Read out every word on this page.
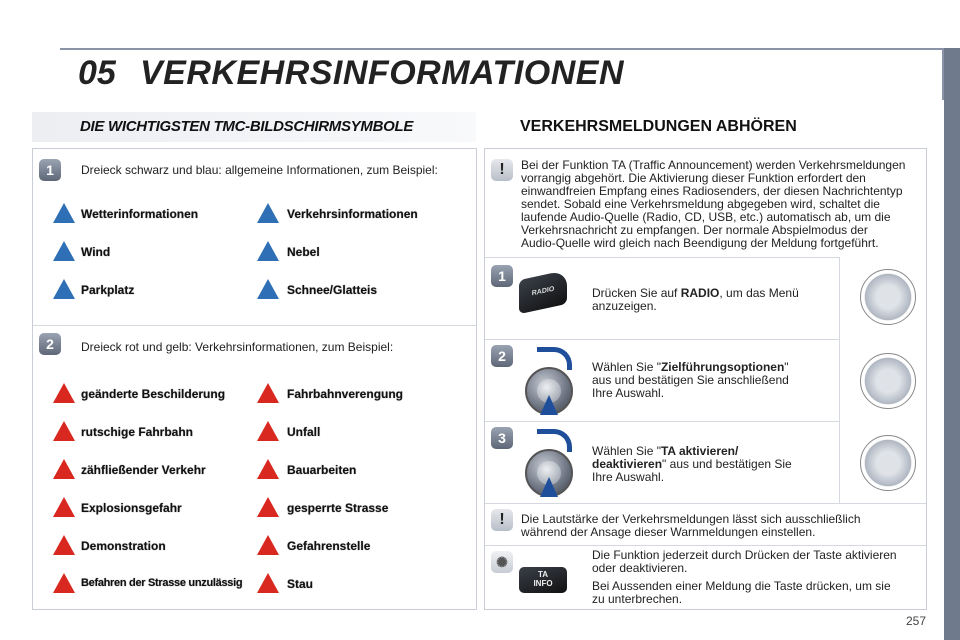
05 VERKEHRSINFORMATIONEN
DIE WICHTIGSTEN TMC-BILDSCHIRMSYMBOLE
1	Dreieck schwarz und blau: allgemeine Informationen, zum Beispiel:
Wetterinformationen	Verkehrsinformationen
Wind	Nebel
Parkplatz	Schnee/Glatteis
2	Dreieck rot und gelb: Verkehrsinformationen, zum Beispiel:
geänderte Beschilderung	Fahrbahnverengung
rutschige Fahrbahn	Unfall
zähfließender Verkehr	Bauarbeiten
Explosionsgefahr	gesperrte Strasse
Demonstration	Gefahrenstelle
Befahren der Strasse unzulässig	Stau
VERKEHRSMELDUNGEN ABHÖREN
!	Bei der Funktion TA (Traffic Announcement) werden Verkehrsmeldungen
vorrangig abgehört. Die Aktivierung dieser Funktion erfordert den
einwandfreien Empfang eines Radiosenders, der diesen Nachrichtentyp
sendet. Sobald eine Verkehrsmeldung abgegeben wird, schaltet die
laufende Audio-Quelle (Radio, CD, USB, etc.) automatisch ab, um die
Verkehrsnachricht zu empfangen. Der normale Abspielmodus der
Audio-Quelle wird gleich nach Beendigung der Meldung fortgeführt.
1
RADIO	Drücken Sie auf RADIO, um das Menü
anzuzeigen.
2
Wählen Sie "Zielführungsoptionen"
aus und bestätigen Sie anschließend
Ihre Auswahl.
3
Wählen Sie "TA aktivieren/
deaktivieren" aus und bestätigen Sie
Ihre Auswahl.
!	Die Lautstärke der Verkehrsmeldungen lässt sich ausschließlich
während der Ansage dieser Warnmeldungen einstellen.
✺
TA
INFO
Die Funktion jederzeit durch Drücken der Taste aktivieren
oder deaktivieren.
Bei Aussenden einer Meldung die Taste drücken, um sie
zu unterbrechen.
257
